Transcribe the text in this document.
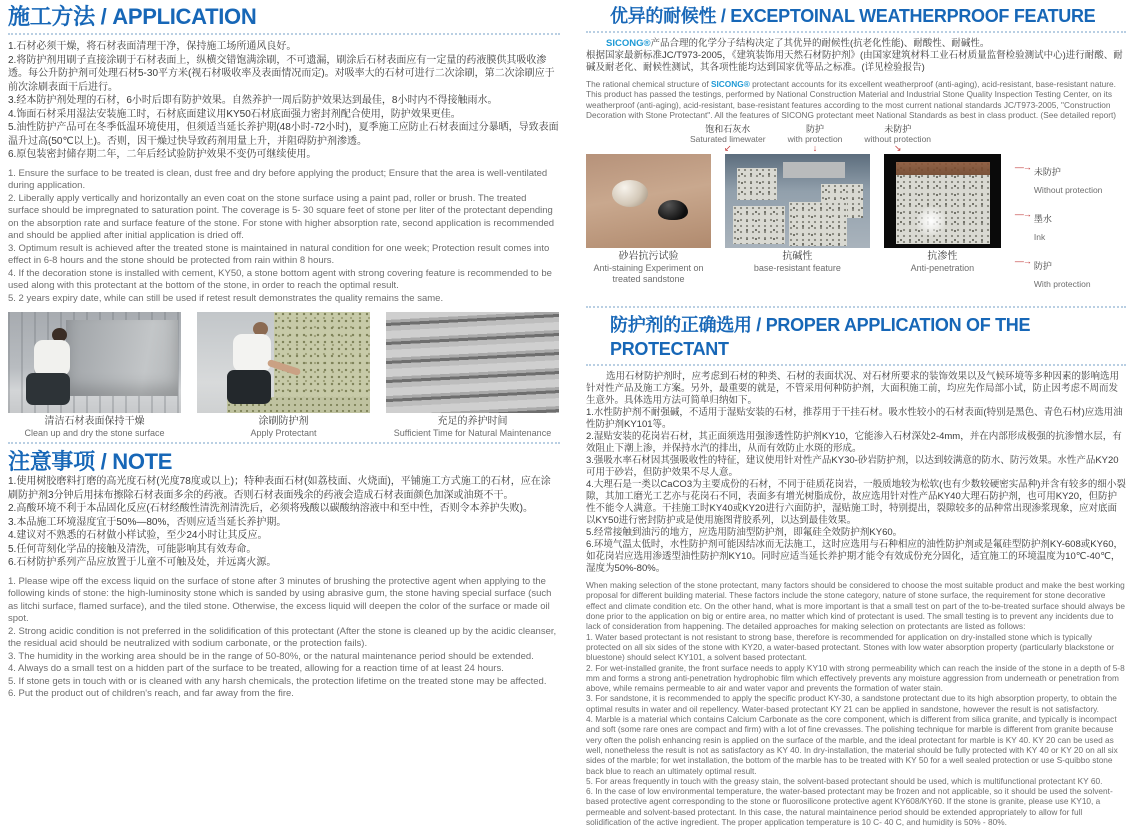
施工方法 / APPLICATION

1.石材必须干燥，将石材表面清理干净，保持施工场所通风良好。

2.将防护剂用刷子直接涂刷于石材表面上，纵横交错饱满涂刷，不可遗漏，刷涂后石材表面应有一定量的药液膜供其吸收渗透。每公升防护剂可处理石材5-30平方米(视石材吸收率及表面情况而定)。对吸率大的石材可进行二次涂刷，第二次涂刷应于前次涂刷表面干后进行。

3.经本防护剂处理的石材，6小时后即有防护效果。自然养护一周后防护效果达到最佳，8小时内不得接触雨水。

4.饰面石材采用湿法安装施工时，石材底面建议用KY50石材底面强力密封剂配合使用，防护效果更佳。

5.油性防护产品可在冬季低温环境使用，但须适当延长养护期(48小时-72小时)，夏季施工应防止石材表面过分暴晒，导致表面温升过高(50℃以上)。否则，因干燥过快导致药剂用量上升，并阻碍防护剂渗透。

6.原包装密封储存期二年，二年后经试验防护效果不变仍可继续使用。

1. Ensure the surface to be treated is clean, dust free and dry before applying the product; Ensure that the area is well-ventilated during application.

2. Liberally apply vertically and horizontally an even coat on the stone surface using a paint pad, roller or brush. The treated surface should be impregnated to saturation point. The coverage is 5- 30 square feet of stone per liter of the protectant depending on the absorption rate and surface feature of the stone. For stone with higher absorption rate, second application is recommended and should be applied after initial application is dried off.

3. Optimum result is achieved after the treated stone is maintained in natural condition for one week; Protection result comes into effect in 6-8 hours and the stone should be protected from rain within 8 hours.

4. If the decoration stone is installed with cement, KY50, a stone bottom agent with strong covering feature is recommended to be used along with this protectant at the bottom of the stone, in order to reach the optimal result.

5. 2 years expiry date, while can still be used if retest result demonstrates the quality remains the same.

清洁石材表面保持干燥
Clean up and dry the stone surface
涂刷防护剂
Apply Protectant
充足的养护时间
Sufficient Time for Natural Maintenance
注意事项 / NOTE

1.使用树胶磨料打磨的高光度石材(光度78度或以上)；特种表面石材(如荔枝面、火烧面)，平铺施工方式施工的石材，应在涂刷防护剂3分钟后用抹布擦除石材表面多余的药液。否则石材表面残余的药液会造成石材表面颜色加深或油斑不干。

2.高酸环境不利于本品固化反应(石材经酸性清洗剂清洗后，必须将残酸以碳酸纳溶液中和至中性，否则令本养护失败)。

3.本品施工环境湿度宜于50%—80%，否则应适当延长养护期。

4.建议对不熟悉的石材做小样试验，至少24小时让其反应。

5.任何苛刻化学品的接触及清洗，可能影响其有效寿命。

6.石材防护系列产品应放置于儿童不可触及处，并远离火源。

1. Please wipe off the excess liquid on the surface of stone after 3 minutes of brushing the protective agent when applying to the following kinds of stone: the high-luminosity stone which is sanded by using abrasive gum, the stone having special surface (such as litchi surface, flamed surface), and the tiled stone. Otherwise, the excess liquid will deepen the color of the surface or made oil spot.

2. Strong acidic condition is not preferred in the solidification of this protectant (After the stone is cleaned up by the acidic cleanser, the residual acid should be neutralized with sodium carbonate, or the protection fails).

3. The humidity in the working area should be in the range of 50-80%, or the natural maintenance period should be extended.

4. Always do a small test on a hidden part of the surface to be treated, allowing for a reaction time of at least 24 hours.

5. If stone gets in touch with or is cleaned with any harsh chemicals, the protection lifetime on the treated stone may be affected.

6. Put the product out of children's reach, and far away from the fire.

优异的耐候性 / EXCEPTOINAL WEATHERPROOF FEATURE

SICONG®产品合理的化学分子结构决定了其优异的耐候性(抗老化性能)、耐酸性、耐碱性。

根据国家最新标准JC/T973-2005，《建筑装饰用天然石材防护剂》(由国家建筑材料工业石材质量监督检验测试中心)进行耐酸、耐碱及耐老化、耐候性测试，其各项性能均达到国家优等品之标准。(详见检验报告)

The rational chemical structure of SICONG® protectant accounts for its excellent weatherproof (anti-aging), acid-resistant, base-resistant nature. This product has passed the testings, performed by National Construction Material and Industrial Stone Quality Inspection Testing Center, on its weatherproof (anti-aging), acid-resistant, base-resistant features according to the most current national standards JC/T973-2005, "Construction Decoration with Stone Protectant". All the features of SICONG protectant meet National Standards as best in class product. (See detailed report)

饱和石灰水
Saturated limewater
↙
防护
with protection
↓
未防护
without protection
↘
砂岩抗污试验
Anti-staining Experiment on treated sandstone
抗碱性
base-resistant feature
抗渗性
Anti-penetration
—→ 未防护
Without protection
—→ 墨水
Ink
—→ 防护
With protection
防护剂的正确选用 / PROPER APPLICATION OF THE PROTECTANT

选用石材防护剂时，应考虑到石材的种类、石材的表面状况、对石材所要求的装饰效果以及气候环境等多种因素的影响选用针对性产品及施工方案。另外，最重要的就是，不管采用何种防护剂，大面积施工前，均应先作局部小试，防止因考虑不周而发生意外。具体选用方法可简单归纳如下。

1.水性防护剂不耐强碱，不适用于湿贴安装的石材，推荐用于干挂石材。吸水性较小的石材表面(特别是黑色、青色石材)应选用油性防护剂KY101等。

2.湿贴安装的花岗岩石材，其正面须选用强渗透性防护剂KY10，它能渗入石材深处2-4mm，并在内部形成极强的抗渗憎水层，有效阻止下潮上渗，并保持水汽的排出，从而有效防止水斑的形成。

3.强吸水率石材因其强吸收性的特征，建议使用针对性产品KY30-砂岩防护剂，以达到较满意的防水、防污效果。水性产品KY20可用于砂岩，但防护效果不尽人意。

4.大理石是一类以CaCO3为主要成份的石材，不同于硅质花岗岩，一般质地较为松软(也有少数较硬密实品种)并含有较多的细小裂隙，其加工磨光工艺亦与花岗石不同，表面多有增光树脂成份，故应选用针对性产品KY40大理石防护剂，也可用KY20，但防护性不能令人满意。干挂施工时KY40或KY20进行六面防护，湿贴施工时，特别提出，裂隙较多的品种常出现渗浆现象，应对底面以KY50进行密封防护或是使用施图背胶系列，以达到最佳效果。

5.经常接触到油污的地方，应选用防油型防护剂，即氟硅全效防护剂KY60。

6.环境气温太低时，水性防护剂可能因结冰而无法施工，这时应选用与石种相应的油性防护剂或是氟硅型防护剂KY-608或KY60，如花岗岩应选用渗透型油性防护剂KY10。同时应适当延长养护期才能令有效成份充分固化，适宜施工的环境温度为10℃-40℃，湿度为50%-80%。

When making selection of the stone protectant, many factors should be considered to choose the most suitable product and make the best working proposal for different building material. These factors include the stone category, nature of stone surface, the requirement for stone decorative effect and climate condition etc. On the other hand, what is more important is that a small test on part of the to-be-treated surface should always be done prior to the application on big or entire area, no matter which kind of protectant is used. The small testing is to prevent any incidents due to lack of consideration from happening. The detailed approaches for making selection on protectants are listed as follows:

1. Water based protectant is not resistant to strong base, therefore is recommended for application on dry-installed stone which is typically protected on all six sides of the stone with KY20, a water-based protectant. Stones with low water absorption property (particularly blackstone or bluestone) should select KY101, a solvent based protectant.

2. For wet-installed granite, the front surface needs to apply KY10 with strong permeability which can reach the inside of the stone in a depth of 5-8 mm and forms a strong anti-penetration hydrophobic film which effectively prevents any moisture aggression from underneath or penetration from above, while remains permeable to air and water vapor and prevents the formation of water stain.

3. For sandstone, it is recommended to apply the specific product KY-30, a sandstone protectant due to its high absorption property, to obtain the optimal results in water and oil repellency. Water-based protectant KY 21 can be applied in sandstone, however the result is not satisfactory.

4. Marble is a material which contains Calcium Carbonate as the core component, which is different from silica granite, and typically is incompact and soft (some rare ones are compact and firm) with a lot of fine crevasses. The polishing technique for marble is different from granite because very often the polish enhancing resin is applied on the surface of the marble, and the ideal protectant for marble is KY 40. KY 20 can be used as well, nonetheless the result is not as satisfactory as KY 40. In dry-installation, the material should be fully protected with KY 40 or KY 20 on all six sides of the marble; for wet installation, the bottom of the marble has to be treated with KY 50 for a well sealed protection or use S-quibbo stone back blue to reach an ultimately optimal result.

5. For areas frequently in touch with the greasy stain, the solvent-based protectant should be used, which is multifunctional protectant KY 60.

6. In the case of low environmental temperature, the water-based protectant may be frozen and not applicable, so it should be used the solvent-based protective agent corresponding to the stone or fluorosilicone protective agent KY608/KY60. If the stone is granite, please use KY10, a permeable and solvent-based protectant. In this case, the natural maintainence period should be extended appropriately to allow for full solidification of the active ingredient. The proper application temperature is 10 C- 40 C, and humidity is 50% - 80%.
